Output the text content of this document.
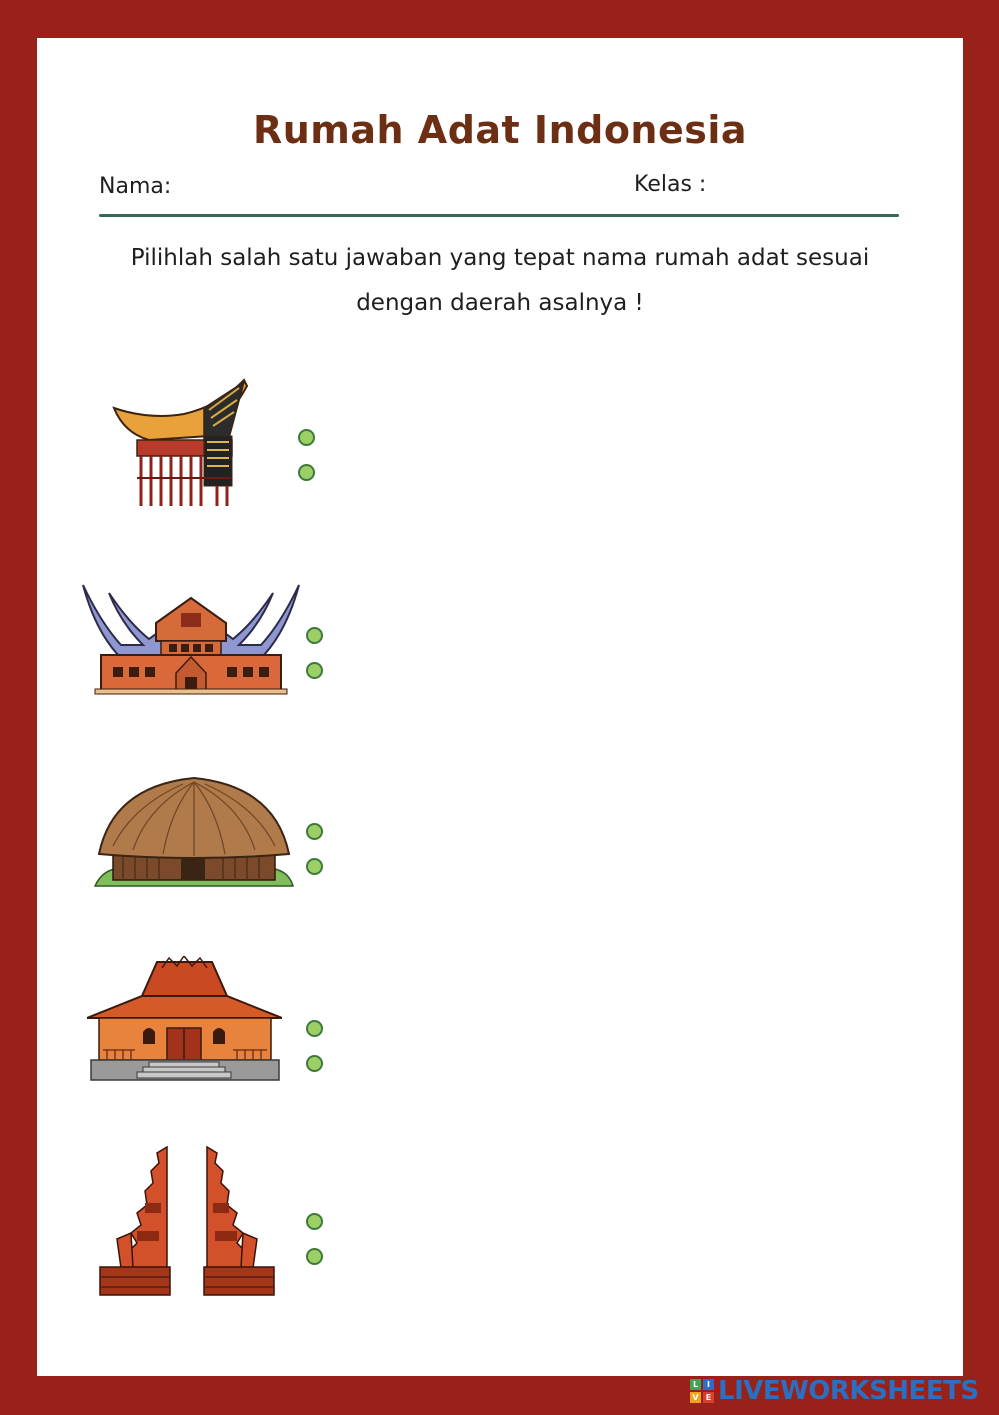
Rumah Adat Indonesia
Nama:	Kelas :
Pilihlah salah satu jawaban yang tepat nama rumah adat sesuai
dengan daerah asalnya !
L	I
V E LIVEWORKSHEETS
